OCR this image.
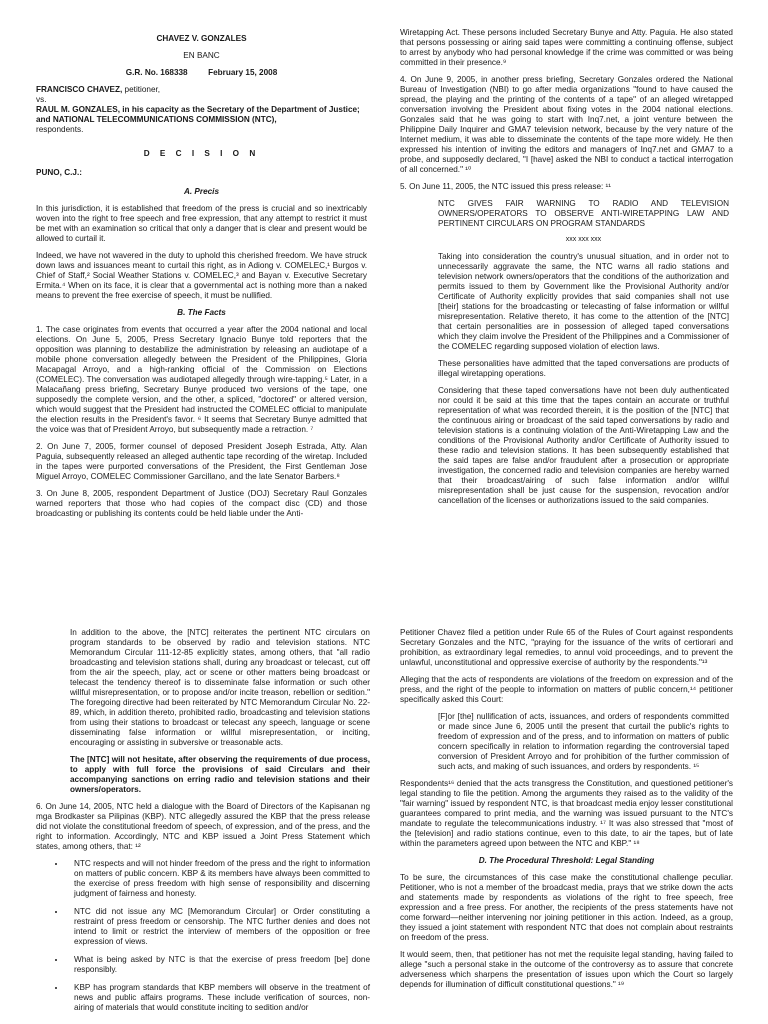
CHAVEZ V. GONZALES
EN BANC
G.R. No. 168338 February 15, 2008
FRANCISCO CHAVEZ, petitioner,
vs.
RAUL M. GONZALES, in his capacity as the Secretary of the Department of Justice; and NATIONAL TELECOMMUNICATIONS COMMISSION (NTC),
respondents.
D E C I S I O N
PUNO, C.J.:
A. Precis

In this jurisdiction, it is established that freedom of the press is crucial and so inextricably woven into the right to free speech and free expression, that any attempt to restrict it must be met with an examination so critical that only a danger that is clear and present would be allowed to curtail it.

Indeed, we have not wavered in the duty to uphold this cherished freedom. We have struck down laws and issuances meant to curtail this right, as in Adiong v. COMELEC,¹ Burgos v. Chief of Staff,² Social Weather Stations v. COMELEC,³ and Bayan v. Executive Secretary Ermita.⁴ When on its face, it is clear that a governmental act is nothing more than a naked means to prevent the free exercise of speech, it must be nullified.

B. The Facts

1. The case originates from events that occurred a year after the 2004 national and local elections. On June 5, 2005, Press Secretary Ignacio Bunye told reporters that the opposition was planning to destabilize the administration by releasing an audiotape of a mobile phone conversation allegedly between the President of the Philippines, Gloria Macapagal Arroyo, and a high-ranking official of the Commission on Elections (COMELEC). The conversation was audiotaped allegedly through wire-tapping.⁵ Later, in a Malacañang press briefing, Secretary Bunye produced two versions of the tape, one supposedly the complete version, and the other, a spliced, "doctored" or altered version, which would suggest that the President had instructed the COMELEC official to manipulate the election results in the President's favor. ⁶ It seems that Secretary Bunye admitted that the voice was that of President Arroyo, but subsequently made a retraction. ⁷

2. On June 7, 2005, former counsel of deposed President Joseph Estrada, Atty. Alan Paguia, subsequently released an alleged authentic tape recording of the wiretap. Included in the tapes were purported conversations of the President, the First Gentleman Jose Miguel Arroyo, COMELEC Commissioner Garcillano, and the late Senator Barbers.⁸

3. On June 8, 2005, respondent Department of Justice (DOJ) Secretary Raul Gonzales warned reporters that those who had copies of the compact disc (CD) and those broadcasting or publishing its contents could be held liable under the Anti-

Wiretapping Act. These persons included Secretary Bunye and Atty. Paguia. He also stated that persons possessing or airing said tapes were committing a continuing offense, subject to arrest by anybody who had personal knowledge if the crime was committed or was being committed in their presence.⁹

4. On June 9, 2005, in another press briefing, Secretary Gonzales ordered the National Bureau of Investigation (NBI) to go after media organizations "found to have caused the spread, the playing and the printing of the contents of a tape" of an alleged wiretapped conversation involving the President about fixing votes in the 2004 national elections. Gonzales said that he was going to start with Inq7.net, a joint venture between the Philippine Daily Inquirer and GMA7 television network, because by the very nature of the Internet medium, it was able to disseminate the contents of the tape more widely. He then expressed his intention of inviting the editors and managers of Inq7.net and GMA7 to a probe, and supposedly declared, "I [have] asked the NBI to conduct a tactical interrogation of all concerned." ¹⁰

5. On June 11, 2005, the NTC issued this press release: ¹¹

NTC GIVES FAIR WARNING TO RADIO AND TELEVISION OWNERS/OPERATORS TO OBSERVE ANTI-WIRETAPPING LAW AND PERTINENT CIRCULARS ON PROGRAM STANDARDS

xxx xxx xxx

Taking into consideration the country's unusual situation, and in order not to unnecessarily aggravate the same, the NTC warns all radio stations and television network owners/operators that the conditions of the authorization and permits issued to them by Government like the Provisional Authority and/or Certificate of Authority explicitly provides that said companies shall not use [their] stations for the broadcasting or telecasting of false information or willful misrepresentation. Relative thereto, it has come to the attention of the [NTC] that certain personalities are in possession of alleged taped conversations which they claim involve the President of the Philippines and a Commissioner of the COMELEC regarding supposed violation of election laws.

These personalities have admitted that the taped conversations are products of illegal wiretapping operations.

Considering that these taped conversations have not been duly authenticated nor could it be said at this time that the tapes contain an accurate or truthful representation of what was recorded therein, it is the position of the [NTC] that the continuous airing or broadcast of the said taped conversations by radio and television stations is a continuing violation of the Anti-Wiretapping Law and the conditions of the Provisional Authority and/or Certificate of Authority issued to these radio and television stations. It has been subsequently established that the said tapes are false and/or fraudulent after a prosecution or appropriate investigation, the concerned radio and television companies are hereby warned that their broadcast/airing of such false information and/or willful misrepresentation shall be just cause for the suspension, revocation and/or cancellation of the licenses or authorizations issued to the said companies.

In addition to the above, the [NTC] reiterates the pertinent NTC circulars on program standards to be observed by radio and television stations. NTC Memorandum Circular 111-12-85 explicitly states, among others, that "all radio broadcasting and television stations shall, during any broadcast or telecast, cut off from the air the speech, play, act or scene or other matters being broadcast or telecast the tendency thereof is to disseminate false information or such other willful misrepresentation, or to propose and/or incite treason, rebellion or sedition." The foregoing directive had been reiterated by NTC Memorandum Circular No. 22-89, which, in addition thereto, prohibited radio, broadcasting and television stations from using their stations to broadcast or telecast any speech, language or scene disseminating false information or willful misrepresentation, or inciting, encouraging or assisting in subversive or treasonable acts.

The [NTC] will not hesitate, after observing the requirements of due process, to apply with full force the provisions of said Circulars and their accompanying sanctions on erring radio and television stations and their owners/operators.

6. On June 14, 2005, NTC held a dialogue with the Board of Directors of the Kapisanan ng mga Brodkaster sa Pilipinas (KBP). NTC allegedly assured the KBP that the press release did not violate the constitutional freedom of speech, of expression, and of the press, and the right to information. Accordingly, NTC and KBP issued a Joint Press Statement which states, among others, that: ¹²

• NTC respects and will not hinder freedom of the press and the right to information on matters of public concern. KBP & its members have always been committed to the exercise of press freedom with high sense of responsibility and discerning judgment of fairness and honesty.
• NTC did not issue any MC [Memorandum Circular] or Order constituting a restraint of press freedom or censorship. The NTC further denies and does not intend to limit or restrict the interview of members of the opposition or free expression of views.
• What is being asked by NTC is that the exercise of press freedom [be] done responsibly.
• KBP has program standards that KBP members will observe in the treatment of news and public affairs programs. These include verification of sources, non-airing of materials that would constitute inciting to sedition and/or

Petitioner Chavez filed a petition under Rule 65 of the Rules of Court against respondents Secretary Gonzales and the NTC, "praying for the issuance of the writs of certiorari and prohibition, as extraordinary legal remedies, to annul void proceedings, and to prevent the unlawful, unconstitutional and oppressive exercise of authority by the respondents."¹³

Alleging that the acts of respondents are violations of the freedom on expression and of the press, and the right of the people to information on matters of public concern,¹⁴ petitioner specifically asked this Court:

[F]or [the] nullification of acts, issuances, and orders of respondents committed or made since June 6, 2005 until the present that curtail the public's rights to freedom of expression and of the press, and to information on matters of public concern specifically in relation to information regarding the controversial taped conversion of President Arroyo and for prohibition of the further commission of such acts, and making of such issuances, and orders by respondents. ¹⁵

Respondents¹⁶ denied that the acts transgress the Constitution, and questioned petitioner's legal standing to file the petition. Among the arguments they raised as to the validity of the "fair warning" issued by respondent NTC, is that broadcast media enjoy lesser constitutional guarantees compared to print media, and the warning was issued pursuant to the NTC's mandate to regulate the telecommunications industry. ¹⁷ It was also stressed that "most of the [television] and radio stations continue, even to this date, to air the tapes, but of late within the parameters agreed upon between the NTC and KBP." ¹⁸

D. The Procedural Threshold: Legal Standing

To be sure, the circumstances of this case make the constitutional challenge peculiar. Petitioner, who is not a member of the broadcast media, prays that we strike down the acts and statements made by respondents as violations of the right to free speech, free expression and a free press. For another, the recipients of the press statements have not come forward—neither intervening nor joining petitioner in this action. Indeed, as a group, they issued a joint statement with respondent NTC that does not complain about restraints on freedom of the press.

It would seem, then, that petitioner has not met the requisite legal standing, having failed to allege "such a personal stake in the outcome of the controversy as to assure that concrete adverseness which sharpens the presentation of issues upon which the Court so largely depends for illumination of difficult constitutional questions." ¹⁹
